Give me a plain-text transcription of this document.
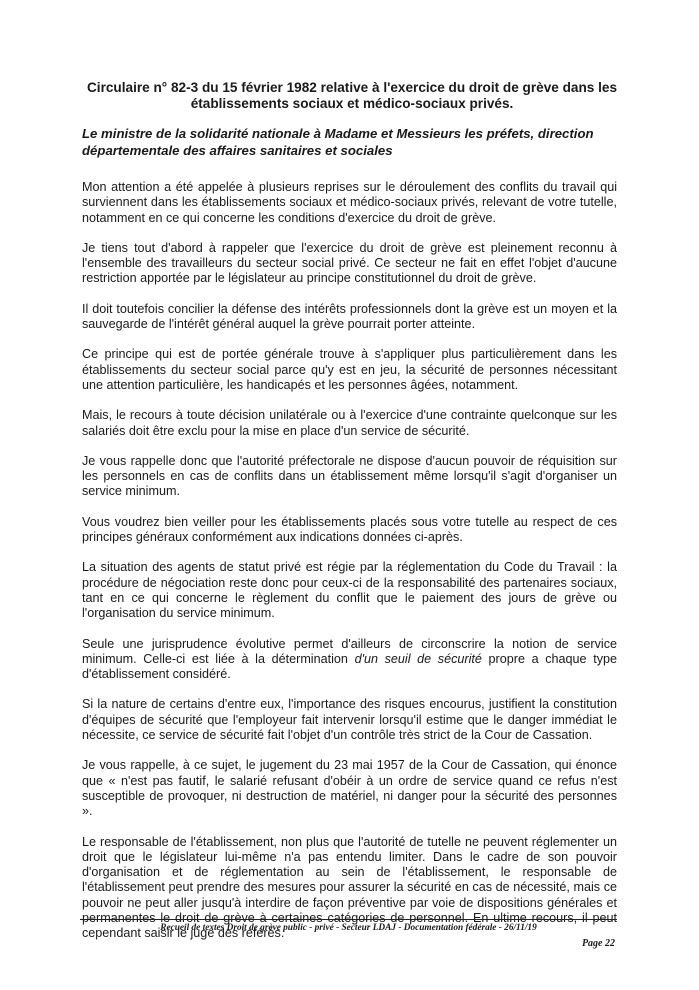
Circulaire n° 82-3 du 15 février 1982 relative à l'exercice du droit de grève dans les établissements sociaux et médico-sociaux privés.
Le ministre de la solidarité nationale à Madame et Messieurs les préfets, direction départementale des affaires sanitaires et sociales

Mon attention a été appelée à plusieurs reprises sur le déroulement des conflits du travail qui surviennent dans les établissements sociaux et médico-sociaux privés, relevant de votre tutelle, notamment en ce qui concerne les conditions d'exercice du droit de grève.

Je tiens tout d'abord à rappeler que l'exercice du droit de grève est pleinement reconnu à l'ensemble des travailleurs du secteur social privé. Ce secteur ne fait en effet l'objet d'aucune restriction apportée par le législateur au principe constitutionnel du droit de grève.

Il doit toutefois concilier la défense des intérêts professionnels dont la grève est un moyen et la sauvegarde de l'intérêt général auquel la grève pourrait porter atteinte.

Ce principe qui est de portée générale trouve à s'appliquer plus particulièrement dans les établissements du secteur social parce qu'y est en jeu, la sécurité de personnes nécessitant une attention particulière, les handicapés et les personnes âgées, notamment.

Mais, le recours à toute décision unilatérale ou à l'exercice d'une contrainte quelconque sur les salariés doit être exclu pour la mise en place d'un service de sécurité.

Je vous rappelle donc que l'autorité préfectorale ne dispose d'aucun pouvoir de réquisition sur les personnels en cas de conflits dans un établissement même lorsqu'il s'agit d'organiser un service minimum.

Vous voudrez bien veiller pour les établissements placés sous votre tutelle au respect de ces principes généraux conformément aux indications données ci-après.

La situation des agents de statut privé est régie par la réglementation du Code du Travail : la procédure de négociation reste donc pour ceux-ci de la responsabilité des partenaires sociaux, tant en ce qui concerne le règlement du conflit que le paiement des jours de grève ou l'organisation du service minimum.

Seule une jurisprudence évolutive permet d'ailleurs de circonscrire la notion de service minimum. Celle-ci est liée à la détermination d'un seuil de sécurité propre a chaque type d'établissement considéré.

Si la nature de certains d'entre eux, l'importance des risques encourus, justifient la constitution d'équipes de sécurité que l'employeur fait intervenir lorsqu'il estime que le danger immédiat le nécessite, ce service de sécurité fait l'objet d'un contrôle très strict de la Cour de Cassation.

Je vous rappelle, à ce sujet, le jugement du 23 mai 1957 de la Cour de Cassation, qui énonce que « n'est pas fautif, le salarié refusant d'obéir à un ordre de service quand ce refus n'est susceptible de provoquer, ni destruction de matériel, ni danger pour la sécurité des personnes ».

Le responsable de l'établissement, non plus que l'autorité de tutelle ne peuvent réglementer un droit que le législateur lui-même n'a pas entendu limiter. Dans le cadre de son pouvoir d'organisation et de réglementation au sein de l'établissement, le responsable de l'établissement peut prendre des mesures pour assurer la sécurité en cas de nécessité, mais ce pouvoir ne peut aller jusqu'à interdire de façon préventive par voie de dispositions générales et permanentes le droit de grève à certaines catégories de personnel. En ultime recours, il peut cependant saisir le juge des référés.

Recueil de textes Droit de grève public - privé - Secteur LDAJ - Documentation fédérale - 26/11/19
Page 22
